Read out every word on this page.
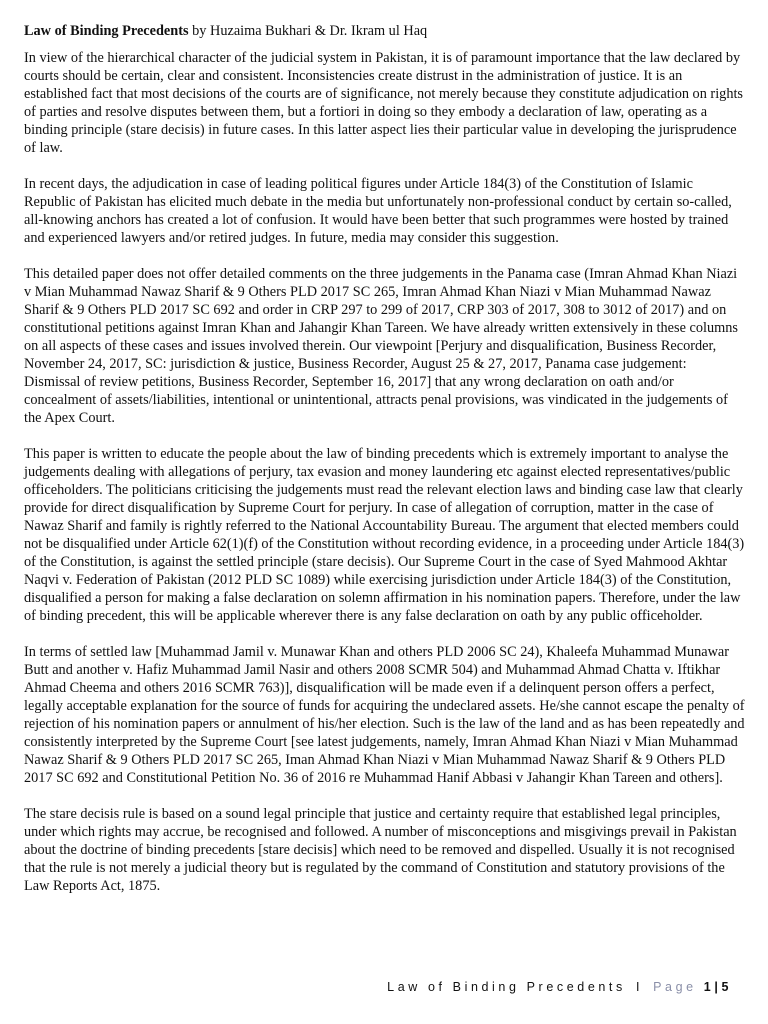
Law of Binding Precedents by Huzaima Bukhari & Dr. Ikram ul Haq

In view of the hierarchical character of the judicial system in Pakistan, it is of paramount importance that the law declared by courts should be certain, clear and consistent. Inconsistencies create distrust in the administration of justice. It is an established fact that most decisions of the courts are of significance, not merely because they constitute adjudication on rights of parties and resolve disputes between them, but a fortiori in doing so they embody a declaration of law, operating as a binding principle (stare decisis) in future cases. In this latter aspect lies their particular value in developing the jurisprudence of law.

In recent days, the adjudication in case of leading political figures under Article 184(3) of the Constitution of Islamic Republic of Pakistan has elicited much debate in the media but unfortunately non-professional conduct by certain so-called, all-knowing anchors has created a lot of confusion. It would have been better that such programmes were hosted by trained and experienced lawyers and/or retired judges. In future, media may consider this suggestion.

This detailed paper does not offer detailed comments on the three judgements in the Panama case (Imran Ahmad Khan Niazi v Mian Muhammad Nawaz Sharif & 9 Others PLD 2017 SC 265, Imran Ahmad Khan Niazi v Mian Muhammad Nawaz Sharif & 9 Others PLD 2017 SC 692 and order in CRP 297 to 299 of 2017, CRP 303 of 2017, 308 to 3012 of 2017) and on constitutional petitions against Imran Khan and Jahangir Khan Tareen. We have already written extensively in these columns on all aspects of these cases and issues involved therein. Our viewpoint [Perjury and disqualification, Business Recorder, November 24, 2017, SC: jurisdiction & justice, Business Recorder, August 25 & 27, 2017, Panama case judgement: Dismissal of review petitions, Business Recorder, September 16, 2017] that any wrong declaration on oath and/or concealment of assets/liabilities, intentional or unintentional, attracts penal provisions, was vindicated in the judgements of the Apex Court.

This paper is written to educate the people about the law of binding precedents which is extremely important to analyse the judgements dealing with allegations of perjury, tax evasion and money laundering etc against elected representatives/public officeholders. The politicians criticising the judgements must read the relevant election laws and binding case law that clearly provide for direct disqualification by Supreme Court for perjury. In case of allegation of corruption, matter in the case of Nawaz Sharif and family is rightly referred to the National Accountability Bureau. The argument that elected members could not be disqualified under Article 62(1)(f) of the Constitution without recording evidence, in a proceeding under Article 184(3) of the Constitution, is against the settled principle (stare decisis). Our Supreme Court in the case of Syed Mahmood Akhtar Naqvi v. Federation of Pakistan (2012 PLD SC 1089) while exercising jurisdiction under Article 184(3) of the Constitution, disqualified a person for making a false declaration on solemn affirmation in his nomination papers. Therefore, under the law of binding precedent, this will be applicable wherever there is any false declaration on oath by any public officeholder.

In terms of settled law [Muhammad Jamil v. Munawar Khan and others PLD 2006 SC 24), Khaleefa Muhammad Munawar Butt and another v. Hafiz Muhammad Jamil Nasir and others 2008 SCMR 504) and Muhammad Ahmad Chatta v. Iftikhar Ahmad Cheema and others 2016 SCMR 763)], disqualification will be made even if a delinquent person offers a perfect, legally acceptable explanation for the source of funds for acquiring the undeclared assets. He/she cannot escape the penalty of rejection of his nomination papers or annulment of his/her election. Such is the law of the land and as has been repeatedly and consistently interpreted by the Supreme Court [see latest judgements, namely, Imran Ahmad Khan Niazi v Mian Muhammad Nawaz Sharif & 9 Others PLD 2017 SC 265, Iman Ahmad Khan Niazi v Mian Muhammad Nawaz Sharif & 9 Others PLD 2017 SC 692 and Constitutional Petition No. 36 of 2016 re Muhammad Hanif Abbasi v Jahangir Khan Tareen and others].

The stare decisis rule is based on a sound legal principle that justice and certainty require that established legal principles, under which rights may accrue, be recognised and followed. A number of misconceptions and misgivings prevail in Pakistan about the doctrine of binding precedents [stare decisis] which need to be removed and dispelled. Usually it is not recognised that the rule is not merely a judicial theory but is regulated by the command of Constitution and statutory provisions of the Law Reports Act, 1875.

Law of Binding Precedents I Page 1|5
